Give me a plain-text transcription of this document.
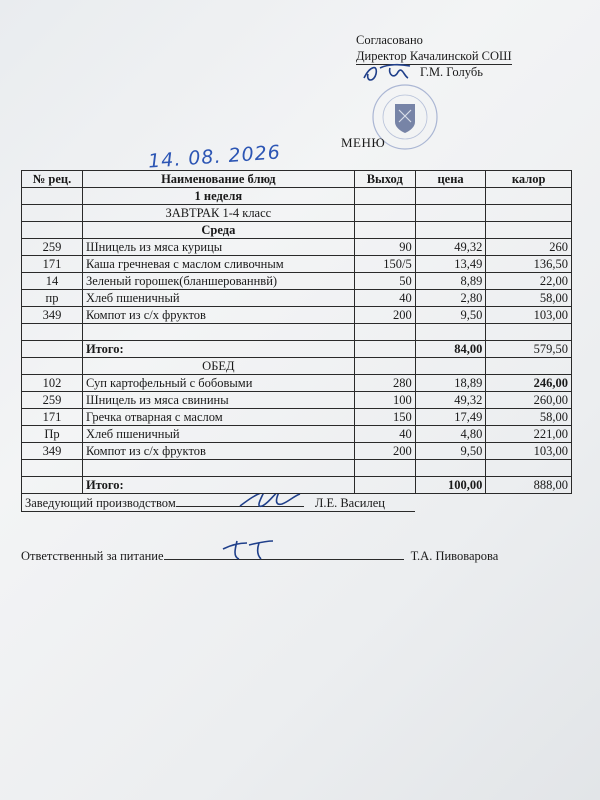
Согласовано
Директор Качалинской СОШ
Г.М. Голубь
МЕНЮ
14. 08. 2026
№ рец.	Наименование блюд	Выход	цена	калор
	1 неделя			
	ЗАВТРАК 1-4 класс			
	Среда			
259	Шницель из мяса курицы	90	49,32	260
171	Каша гречневая с маслом сливочным	150/5	13,49	136,50
14	Зеленый горошек(бланшерованнвй)	50	8,89	22,00
пр	Хлеб пшеничный	40	2,80	58,00
349	Компот из с/х фруктов	200	9,50	103,00

	Итого:		84,00	579,50
	ОБЕД			
102	Суп картофельный с бобовыми	280	18,89	246,00
259	Шницель из мяса свинины	100	49,32	260,00
171	Гречка отварная с маслом	150	17,49	58,00
Пр	Хлеб пшеничный	40	4,80	221,00
349	Компот из с/х фруктов	200	9,50	103,00

	Итого:		100,00	888,00
Заведующий производством Л.Е. Василец		

Ответственный за питание	Т.А. Пивоварова
